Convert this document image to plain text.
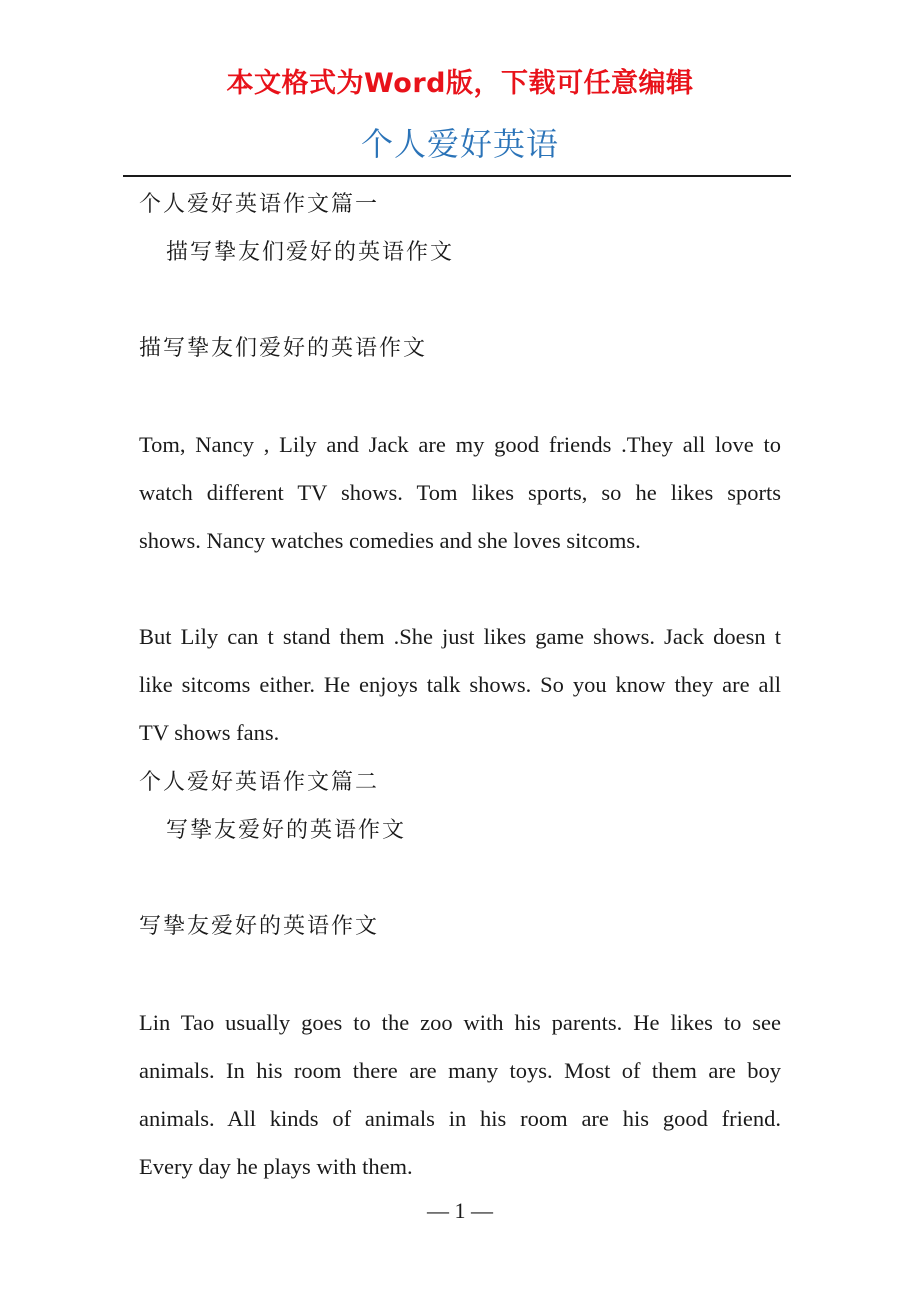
本文格式为Word版，下载可任意编辑
个人爱好英语
个人爱好英语作文篇一
描写挚友们爱好的英语作文
描写挚友们爱好的英语作文
Tom, Nancy , Lily and Jack are my good friends .They all love to
watch different TV shows. Tom likes sports, so he likes sports
shows. Nancy watches comedies and she loves sitcoms.
But Lily can t stand them .She just likes game shows. Jack doesn t
like sitcoms either. He enjoys talk shows. So you know they are all
TV shows fans.
个人爱好英语作文篇二
写挚友爱好的英语作文
写挚友爱好的英语作文
Lin Tao usually goes to the zoo with his parents. He likes to see
animals. In his room there are many toys. Most of them are boy
animals. All kinds of animals in his room are his good friend.
Every day he plays with them.
— 1 —
